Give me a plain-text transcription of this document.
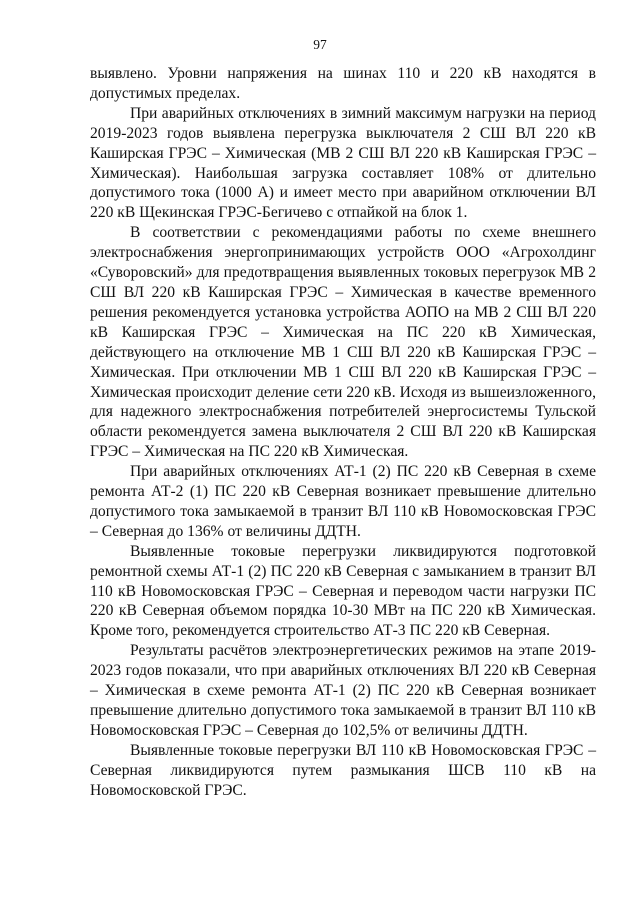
97

выявлено. Уровни напряжения на шинах 110 и 220 кВ находятся в допустимых пределах.

При аварийных отключениях в зимний максимум нагрузки на период 2019-2023 годов выявлена перегрузка выключателя 2 СШ ВЛ 220 кВ Каширская ГРЭС – Химическая (МВ 2 СШ ВЛ 220 кВ Каширская ГРЭС – Химическая). Наибольшая загрузка составляет 108% от длительно допустимого тока (1000 А) и имеет место при аварийном отключении ВЛ 220 кВ Щекинская ГРЭС-Бегичево с отпайкой на блок 1.

В соответствии с рекомендациями работы по схеме внешнего электроснабжения энергопринимающих устройств ООО «Агрохолдинг «Суворовский» для предотвращения выявленных токовых перегрузок МВ 2 СШ ВЛ 220 кВ Каширская ГРЭС – Химическая в качестве временного решения рекомендуется установка устройства АОПО на МВ 2 СШ ВЛ 220 кВ Каширская ГРЭС – Химическая на ПС 220 кВ Химическая, действующего на отключение МВ 1 СШ ВЛ 220 кВ Каширская ГРЭС – Химическая. При отключении МВ 1 СШ ВЛ 220 кВ Каширская ГРЭС – Химическая происходит деление сети 220 кВ. Исходя из вышеизложенного, для надежного электроснабжения потребителей энергосистемы Тульской области рекомендуется замена выключателя 2 СШ ВЛ 220 кВ Каширская ГРЭС – Химическая на ПС 220 кВ Химическая.

При аварийных отключениях АТ-1 (2) ПС 220 кВ Северная в схеме ремонта АТ-2 (1) ПС 220 кВ Северная возникает превышение длительно допустимого тока замыкаемой в транзит ВЛ 110 кВ Новомосковская ГРЭС – Северная до 136% от величины ДДТН.

Выявленные токовые перегрузки ликвидируются подготовкой ремонтной схемы АТ-1 (2) ПС 220 кВ Северная с замыканием в транзит ВЛ 110 кВ Новомосковская ГРЭС – Северная и переводом части нагрузки ПС 220 кВ Северная объемом порядка 10-30 МВт на ПС 220 кВ Химическая. Кроме того, рекомендуется строительство АТ-3 ПС 220 кВ Северная.

Результаты расчётов электроэнергетических режимов на этапе 2019-2023 годов показали, что при аварийных отключениях ВЛ 220 кВ Северная – Химическая в схеме ремонта АТ-1 (2) ПС 220 кВ Северная возникает превышение длительно допустимого тока замыкаемой в транзит ВЛ 110 кВ Новомосковская ГРЭС – Северная до 102,5% от величины ДДТН.

Выявленные токовые перегрузки ВЛ 110 кВ Новомосковская ГРЭС – Северная ликвидируются путем размыкания ШСВ 110 кВ на Новомосковской ГРЭС.
